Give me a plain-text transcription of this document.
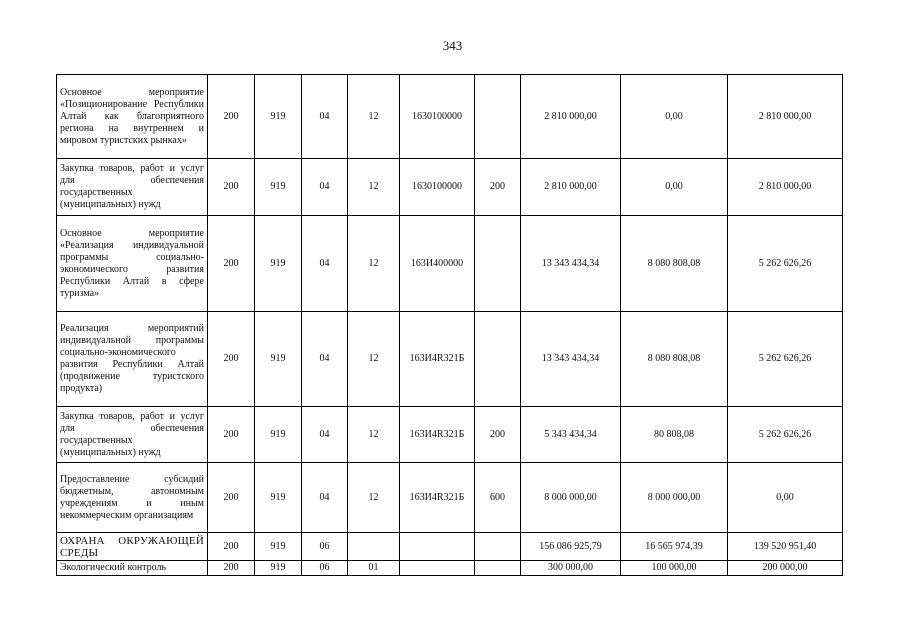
343
Основное мероприятие «Позиционирование Республики Алтай как благоприятного региона на внутреннем и мировом туристских рынках»	200	919	04	12	1630100000		2 810 000,00	0,00	2 810 000,00
Закупка товаров, работ и услуг для обеспечения государственных (муниципальных) нужд	200	919	04	12	1630100000	200	2 810 000,00	0,00	2 810 000,00
Основное мероприятие «Реализация индивидуальной программы социально-экономического развития Республики Алтай в сфере туризма»	200	919	04	12	163И400000		13 343 434,34	8 080 808,08	5 262 626,26
Реализация мероприятий индивидуальной программы социально-экономического развития Республики Алтай (продвижение туристского продукта)	200	919	04	12	163И4R321Б		13 343 434,34	8 080 808,08	5 262 626,26
Закупка товаров, работ и услуг для обеспечения государственных (муниципальных) нужд	200	919	04	12	163И4R321Б	200	5 343 434,34	80 808,08	5 262 626,26
Предоставление субсидий бюджетным, автономным учреждениям и иным некоммерческим организациям	200	919	04	12	163И4R321Б	600	8 000 000,00	8 000 000,00	0,00
ОХРАНА ОКРУЖАЮЩЕЙ СРЕДЫ	200	919	06				156 086 925,79	16 565 974,39	139 520 951,40
Экологический контроль	200	919	06	01			300 000,00	100 000,00	200 000,00
